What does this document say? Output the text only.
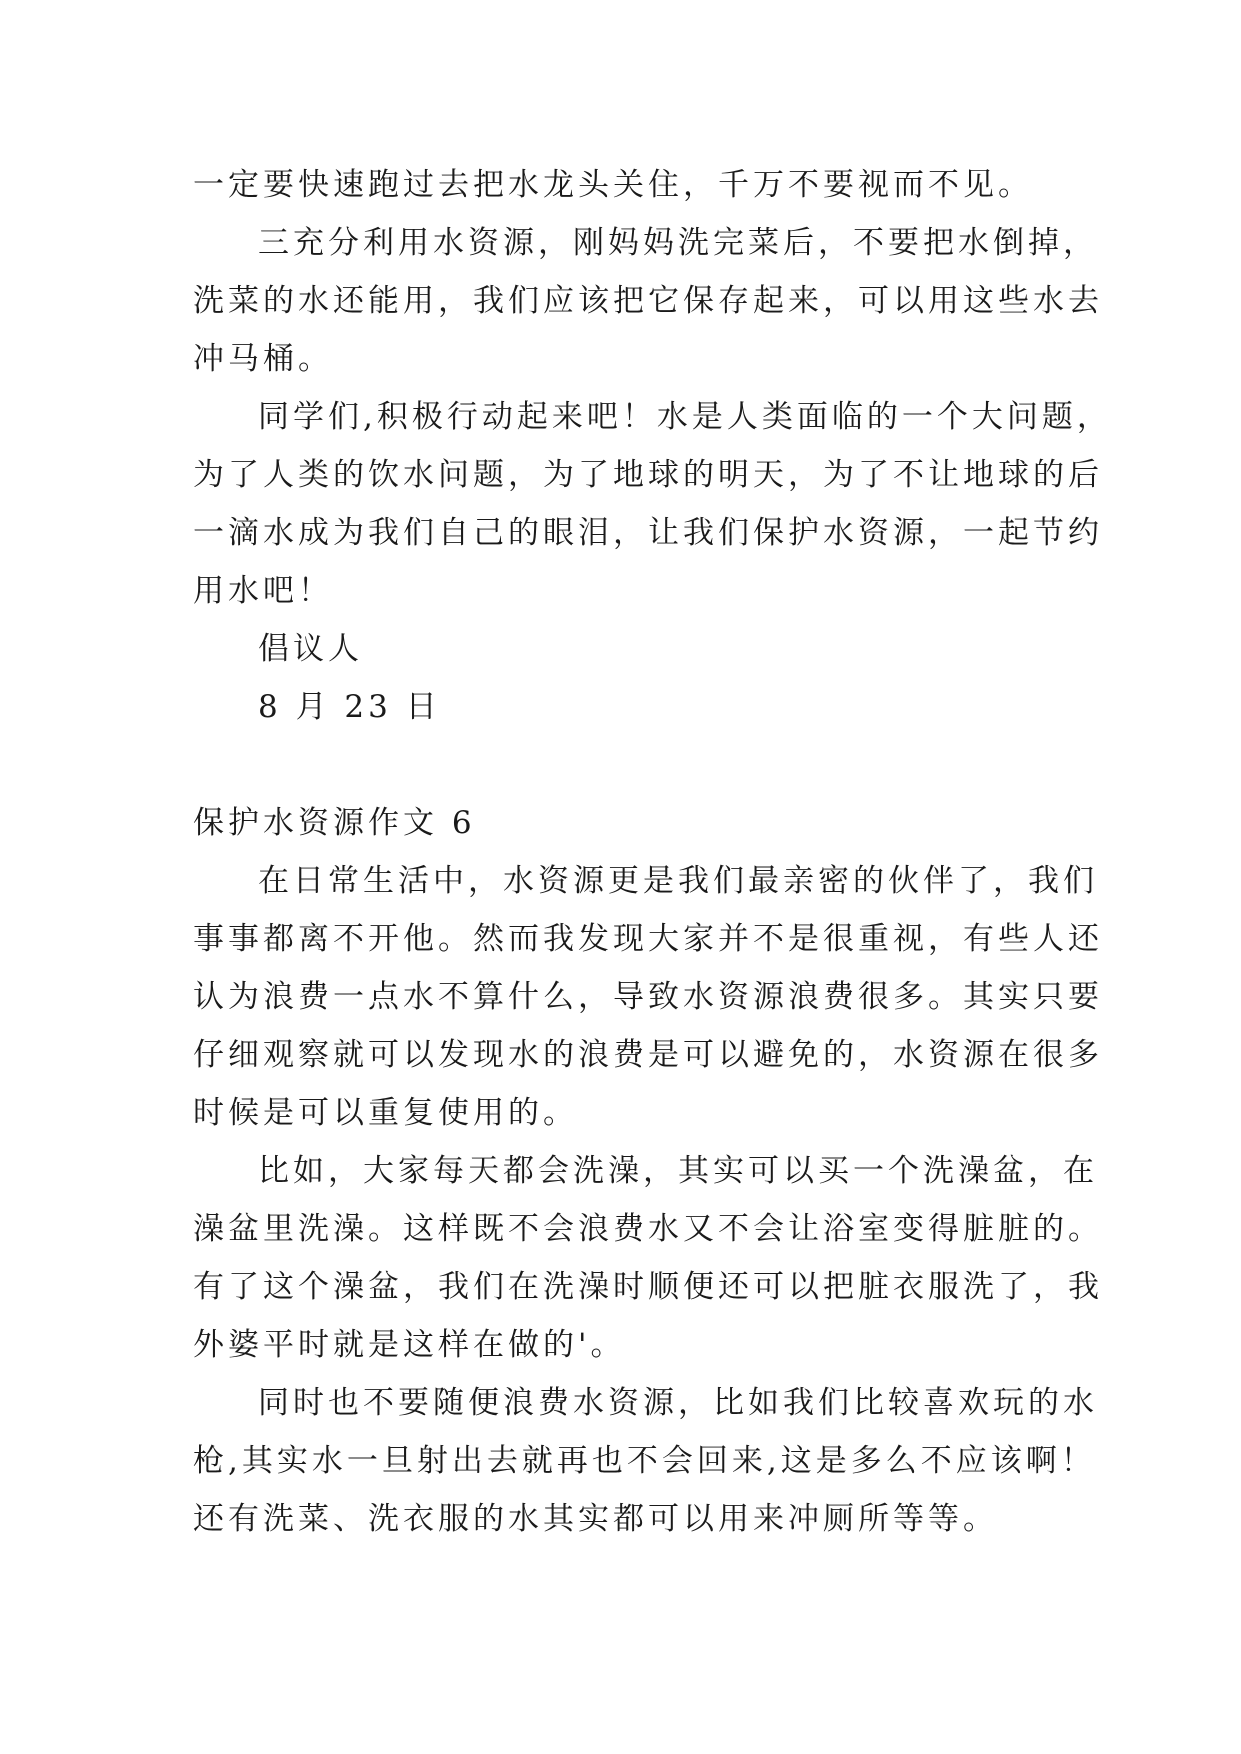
一定要快速跑过去把水龙头关住，千万不要视而不见。
三充分利用水资源，刚妈妈洗完菜后，不要把水倒掉，
洗菜的水还能用，我们应该把它保存起来，可以用这些水去
冲马桶。
同学们,积极行动起来吧！水是人类面临的一个大问题，
为了人类的饮水问题，为了地球的明天，为了不让地球的后
一滴水成为我们自己的眼泪，让我们保护水资源，一起节约
用水吧！
倡议人
8 月 23 日
保护水资源作文 6
在日常生活中，水资源更是我们最亲密的伙伴了，我们
事事都离不开他。然而我发现大家并不是很重视，有些人还
认为浪费一点水不算什么，导致水资源浪费很多。其实只要
仔细观察就可以发现水的浪费是可以避免的，水资源在很多
时候是可以重复使用的。
比如，大家每天都会洗澡，其实可以买一个洗澡盆，在
澡盆里洗澡。这样既不会浪费水又不会让浴室变得脏脏的。
有了这个澡盆，我们在洗澡时顺便还可以把脏衣服洗了，我
外婆平时就是这样在做的'。
同时也不要随便浪费水资源，比如我们比较喜欢玩的水
枪,其实水一旦射出去就再也不会回来,这是多么不应该啊！
还有洗菜、洗衣服的水其实都可以用来冲厕所等等。
